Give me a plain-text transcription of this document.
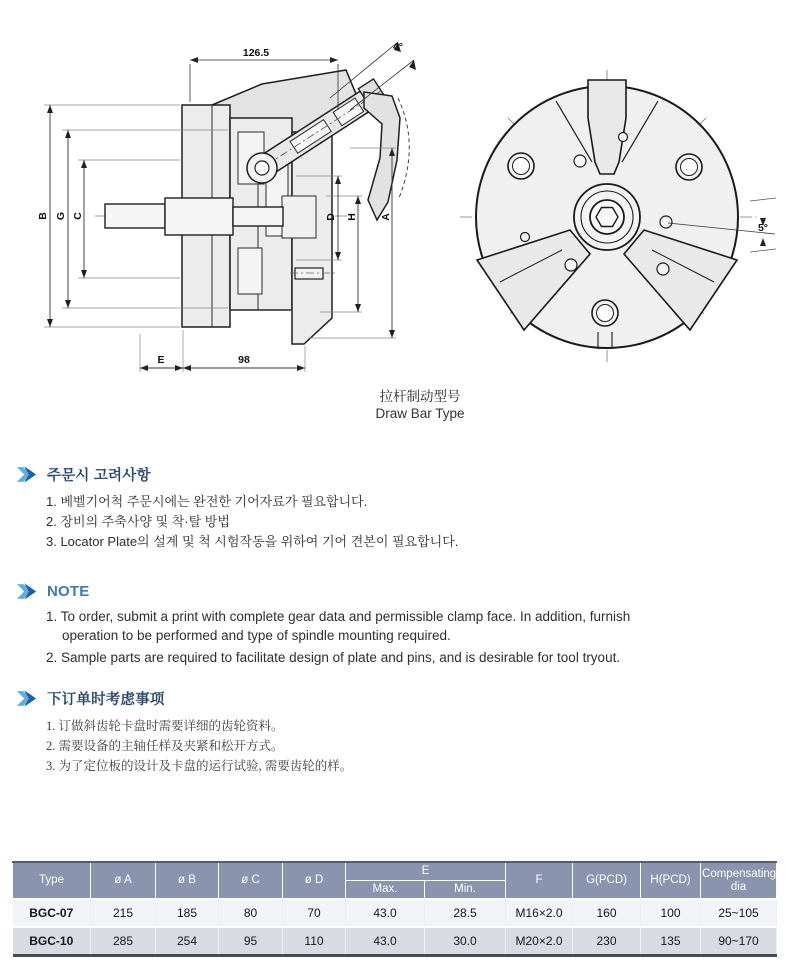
126.5	4°
B G C	D H A
E	98
5°
拉杆制动型号
Draw Bar Type
주문시 고려사항
1. 베벨기어척 주문시에는 완전한 기어자료가 필요합니다.
2. 장비의 주축사양 및 착·탈 방법
3. Locator Plate의 설계 및 척 시험작동을 위하여 기어 견본이 필요합니다.
NOTE
1. To order, submit a print with complete gear data and permissible clamp face. In addition, furnish operation to be performed and type of spindle mounting required.
2. Sample parts are required to facilitate design of plate and pins, and is desirable for tool tryout.
下订单时考虑事项
1. 订做斜齿轮卡盘时需要详细的齿轮资料。
2. 需要设备的主轴任样及夹紧和松开方式。
3. 为了定位板的设计及卡盘的运行试验, 需要齿轮的样。
Type	ø A	ø B	ø C	ø D	E		F	G(PCD)	H(PCD)	Compensating dia
					Max.	Min.				
BGC-07	215	185	80	70	43.0	28.5	M16×2.0	160	100	25~105
BGC-10	285	254	95	110	43.0	30.0	M20×2.0	230	135	90~170
